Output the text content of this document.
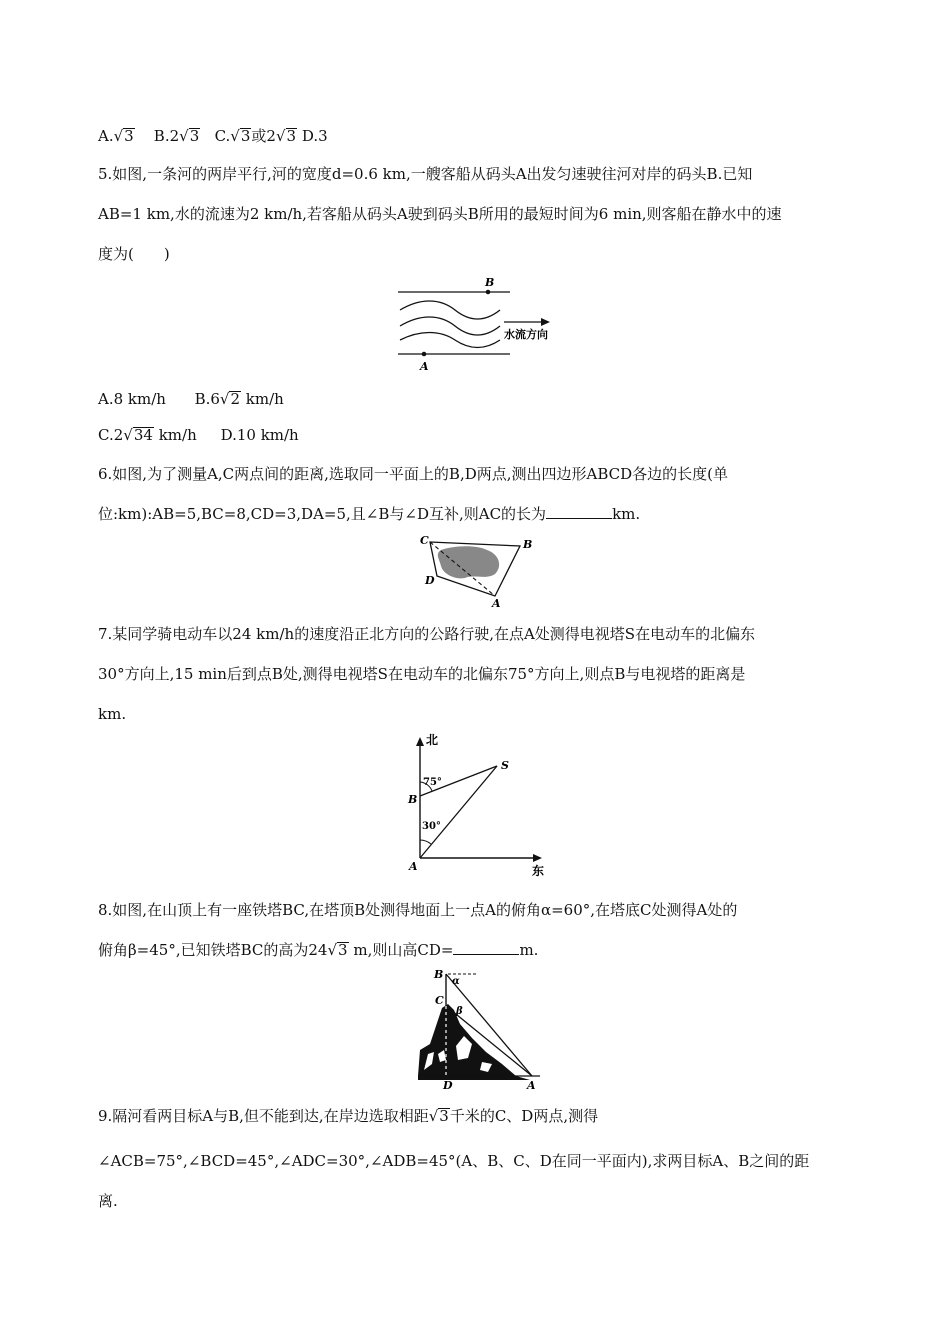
A.√3 B.2√3 C.√3或2√3 D.3
5.如图,一条河的两岸平行,河的宽度d=0.6 km,一艘客船从码头A出发匀速驶往河对岸的码头B.已知
AB=1 km,水的流速为2 km/h,若客船从码头A驶到码头B所用的最短时间为6 min,则客船在静水中的速
度为(　　)
B
A
水流方向
A.8 km/h B.6√2 km/h
C.2√34 km/h D.10 km/h
6.如图,为了测量A,C两点间的距离,选取同一平面上的B,D两点,测出四边形ABCD各边的长度(单
位:km):AB=5,BC=8,CD=3,DA=5,且∠B与∠D互补,则AC的长为	km.
C	B
D
A
7.某同学骑电动车以24 km/h的速度沿正北方向的公路行驶,在点A处测得电视塔S在电动车的北偏东
30°方向上,15 min后到点B处,测得电视塔S在电动车的北偏东75°方向上,则点B与电视塔的距离是
km.
北
东
S
B
A
75°
30°
8.如图,在山顶上有一座铁塔BC,在塔顶B处测得地面上一点A的俯角α=60°,在塔底C处测得A处的
俯角β=45°,已知铁塔BC的高为24√3 m,则山高CD=	m.
B
C
D	A
α
β
9.隔河看两目标A与B,但不能到达,在岸边选取相距√3千米的C、D两点,测得
∠ACB=75°,∠BCD=45°,∠ADC=30°,∠ADB=45°(A、B、C、D在同一平面内),求两目标A、B之间的距
离.
